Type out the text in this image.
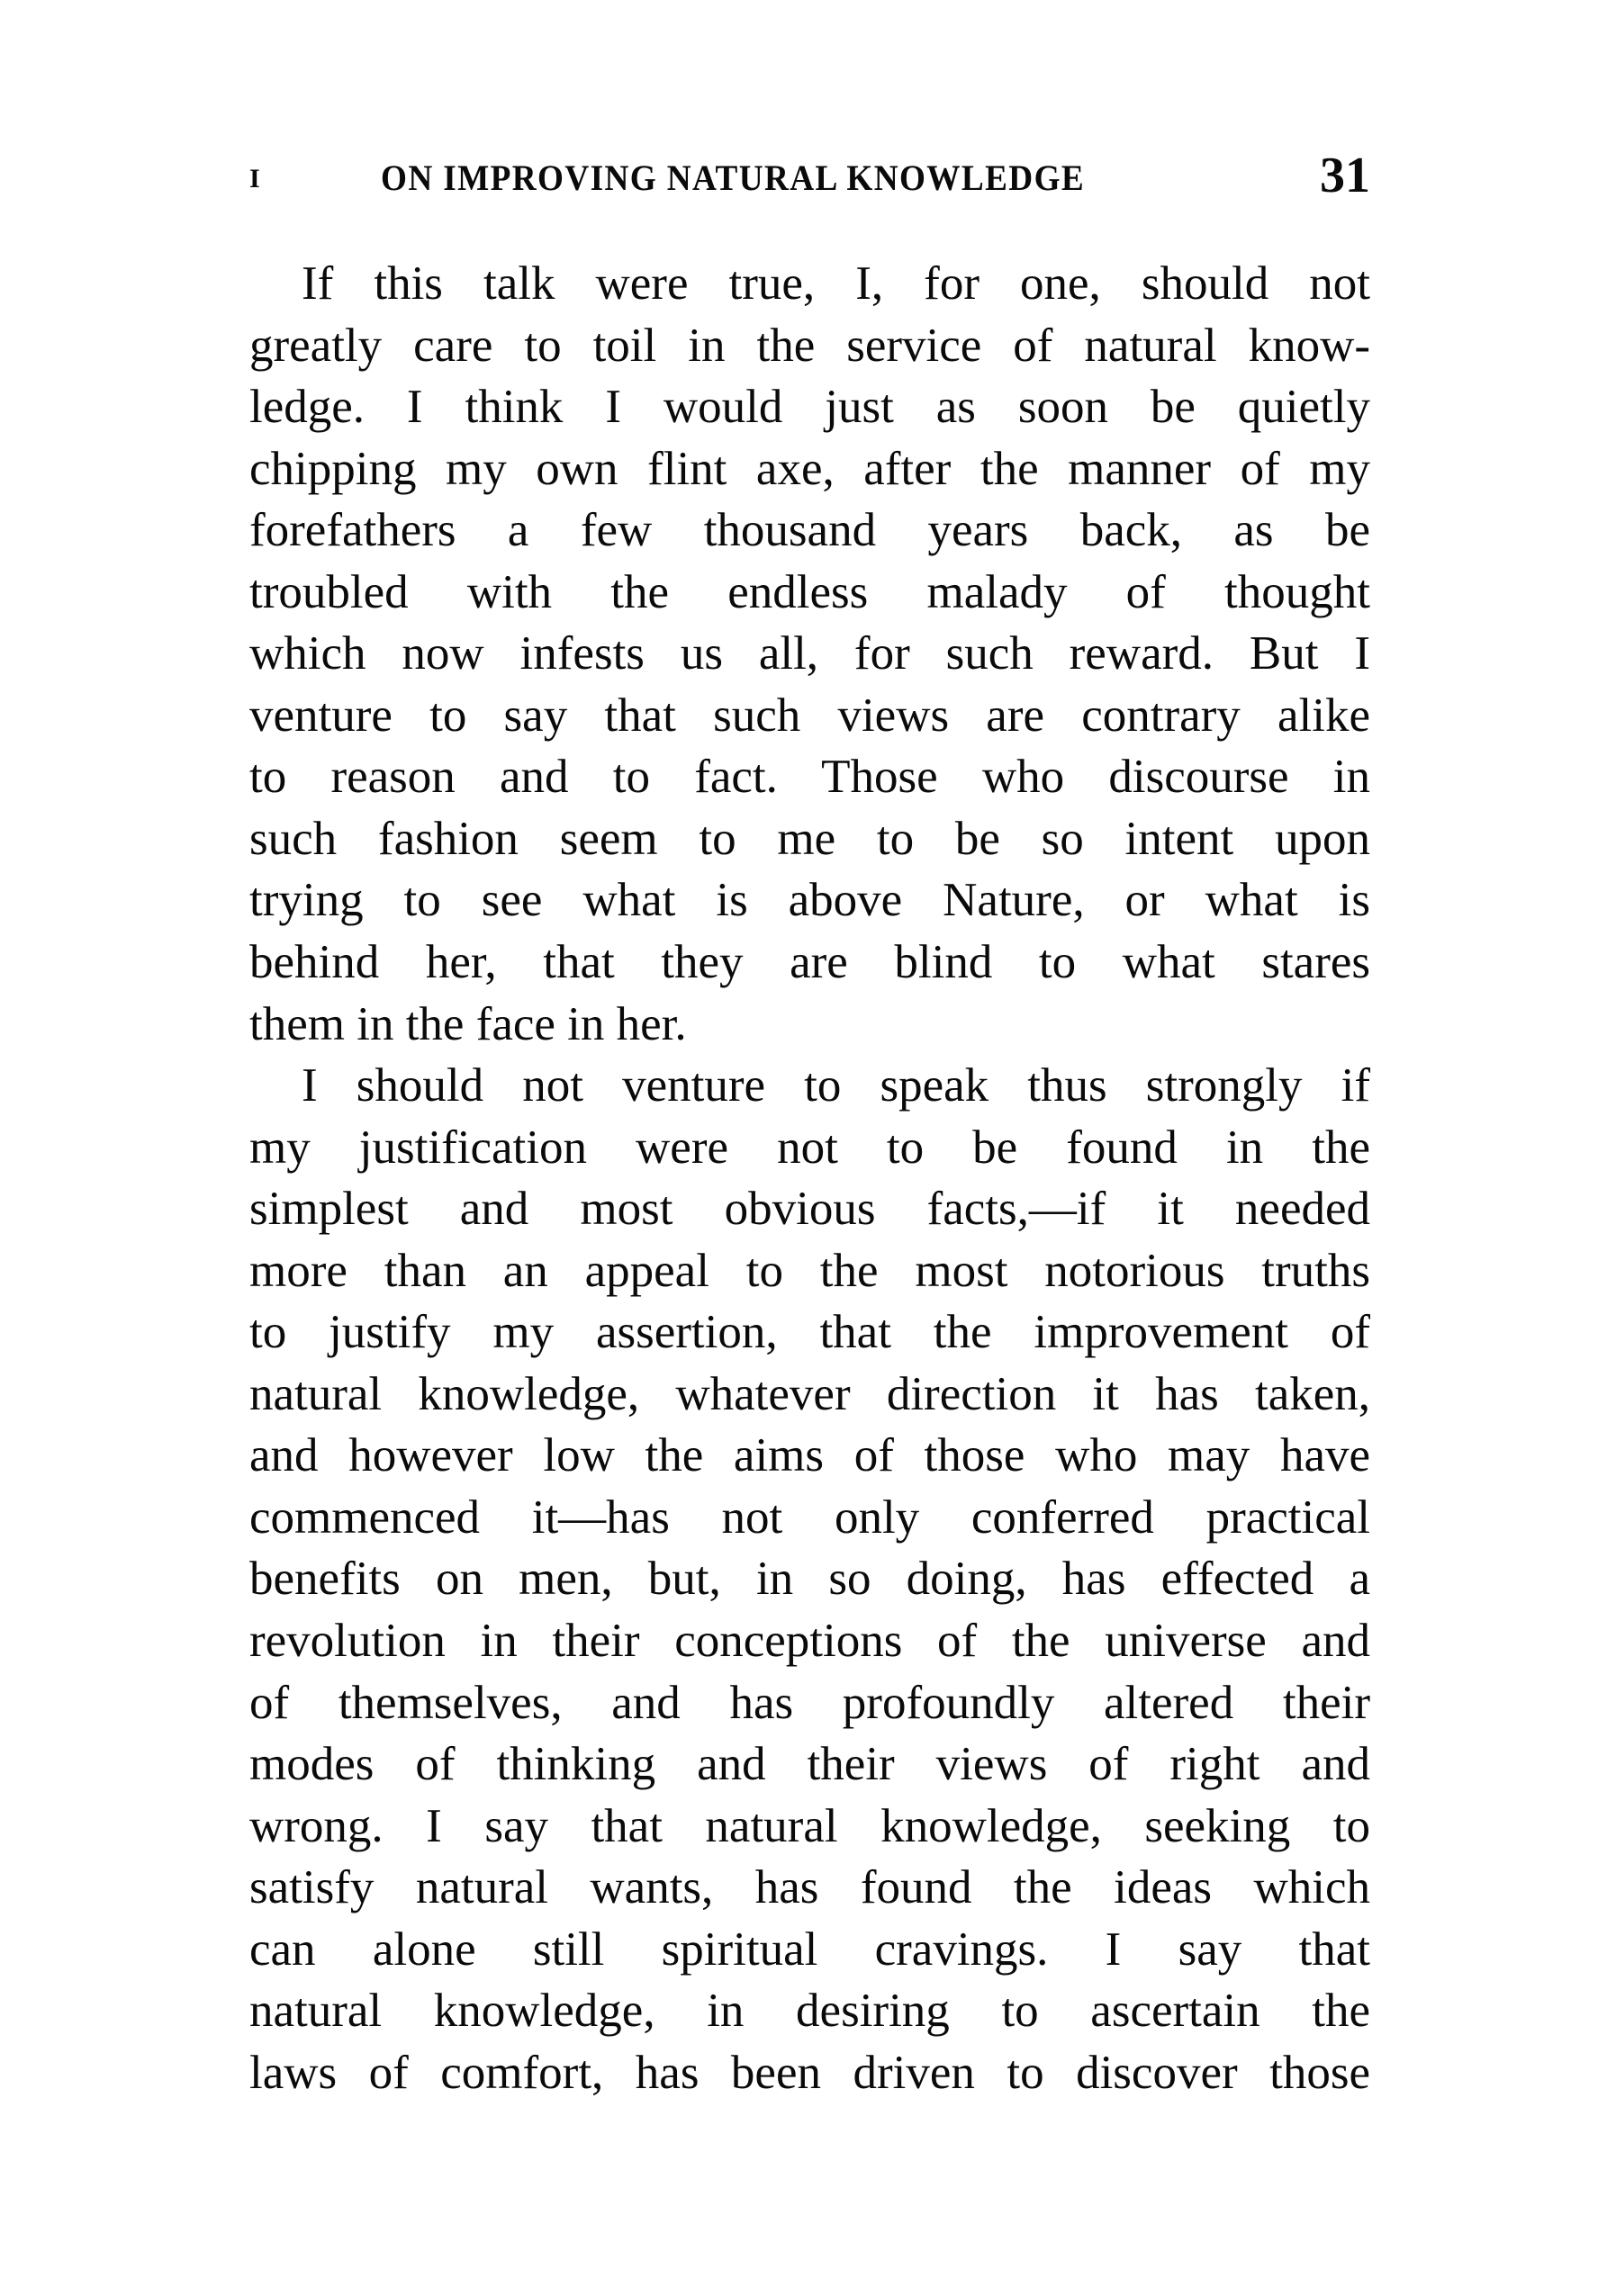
I	ON IMPROVING NATURAL KNOWLEDGE	31
If this talk were true, I, for one, should not
greatly care to toil in the service of natural know-
ledge. I think I would just as soon be quietly
chipping my own flint axe, after the manner of my
forefathers a few thousand years back, as be
troubled with the endless malady of thought
which now infests us all, for such reward. But I
venture to say that such views are contrary alike
to reason and to fact. Those who discourse in
such fashion seem to me to be so intent upon
trying to see what is above Nature, or what is
behind her, that they are blind to what stares
them in the face in her.
I should not venture to speak thus strongly if
my justification were not to be found in the
simplest and most obvious facts,—if it needed
more than an appeal to the most notorious truths
to justify my assertion, that the improvement of
natural knowledge, whatever direction it has taken,
and however low the aims of those who may have
commenced it—has not only conferred practical
benefits on men, but, in so doing, has effected a
revolution in their conceptions of the universe and
of themselves, and has profoundly altered their
modes of thinking and their views of right and
wrong. I say that natural knowledge, seeking to
satisfy natural wants, has found the ideas which
can alone still spiritual cravings. I say that
natural knowledge, in desiring to ascertain the
laws of comfort, has been driven to discover those
